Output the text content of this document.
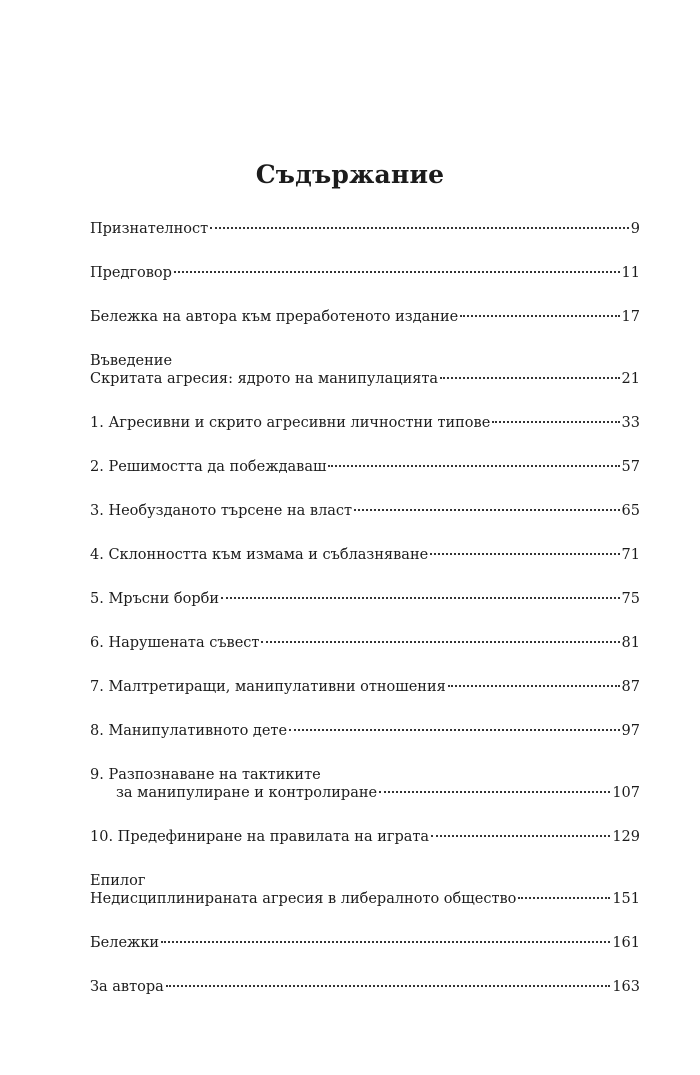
Съдържание
Признателност	9
Предговор	11
Бележка на автора към преработеното издание	17
Въведение
Скритата агресия: ядрото на манипулацията	21
1. Агресивни и скрито агресивни личностни типове	33
2. Решимостта да побеждаваш	57
3. Необузданото търсене на власт	65
4. Склонността към измама и съблазняване	71
5. Мръсни борби	75
6. Нарушената съвест	81
7. Малтретиращи, манипулативни отношения	87
8. Манипулативното дете	97
9. Разпознаване на тактиките
за манипулиране и контролиране	107
10. Предефиниране на правилата на играта	129
Епилог
Недисциплинираната агресия в либералното общество	151
Бележки	161
За автора	163
